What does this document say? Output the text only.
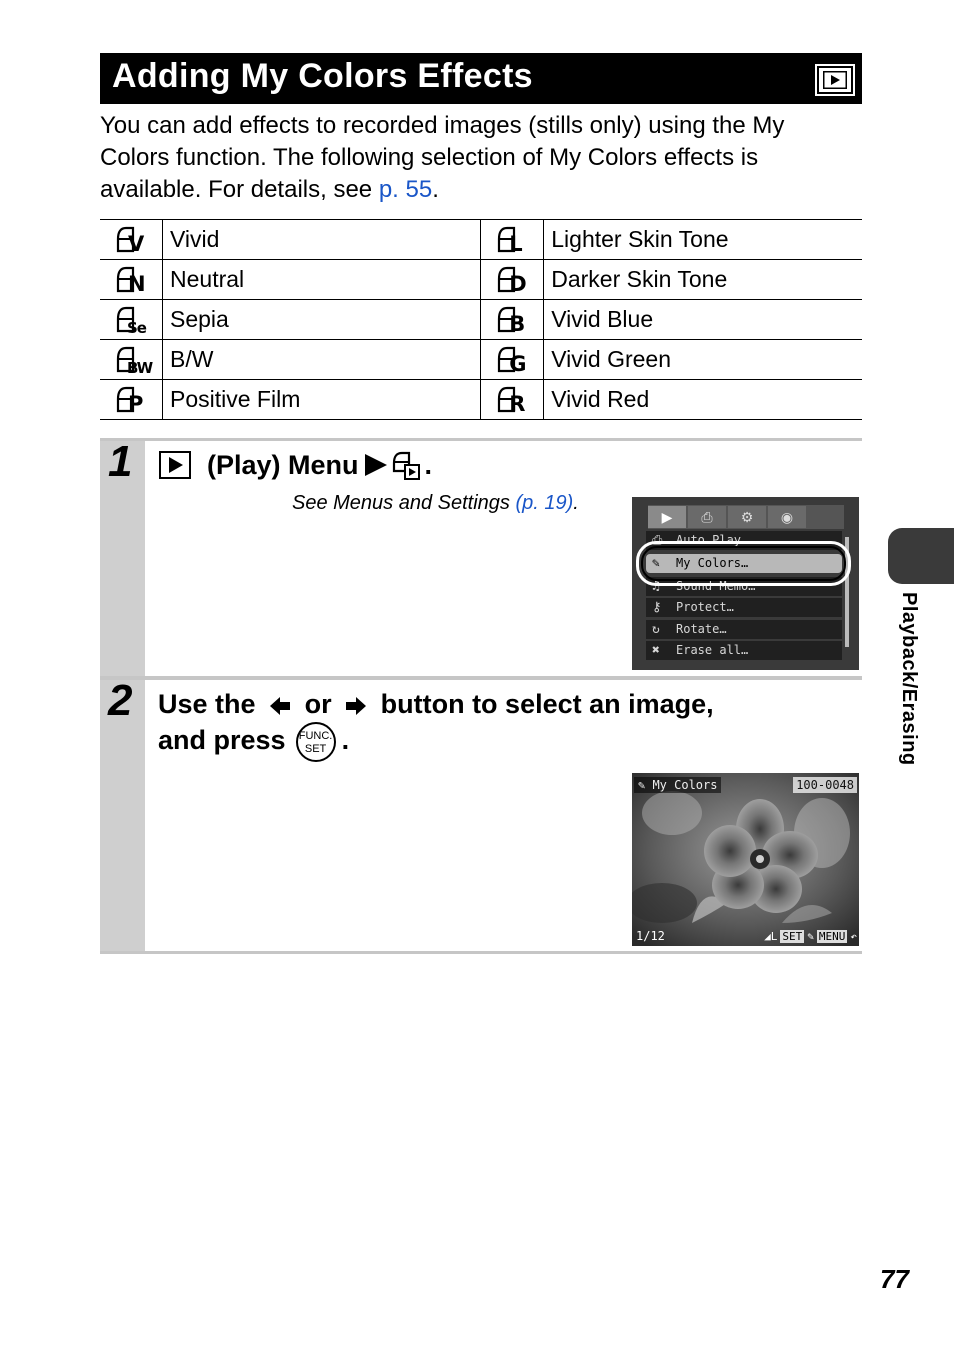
Adding My Colors Effects
You can add effects to recorded images (stills only) using the My Colors function. The following selection of My Colors effects is available. For details, see p. 55.
V	Vivid	L	Lighter Skin Tone

N	Neutral	D	Darker Skin Tone

Se	Sepia	B	Vivid Blue

BW	B/W	G	Vivid Green

P	Positive Film	R	Vivid Red
1	(Play) Menu .
See Menus and Settings (p. 19).
▶	⎙	⚙	◉
⎙ Auto Play
✎ My Colors…
♫ Sound Memo…
⚷ Protect…
↻ Rotate…
✖ Erase all…
2 Use the or button to select an image,
and press FUNC.
SET .
✎ My Colors	100-0048
1/12	◢L SET ✎ MENU ↶
Playback/Erasing
77
